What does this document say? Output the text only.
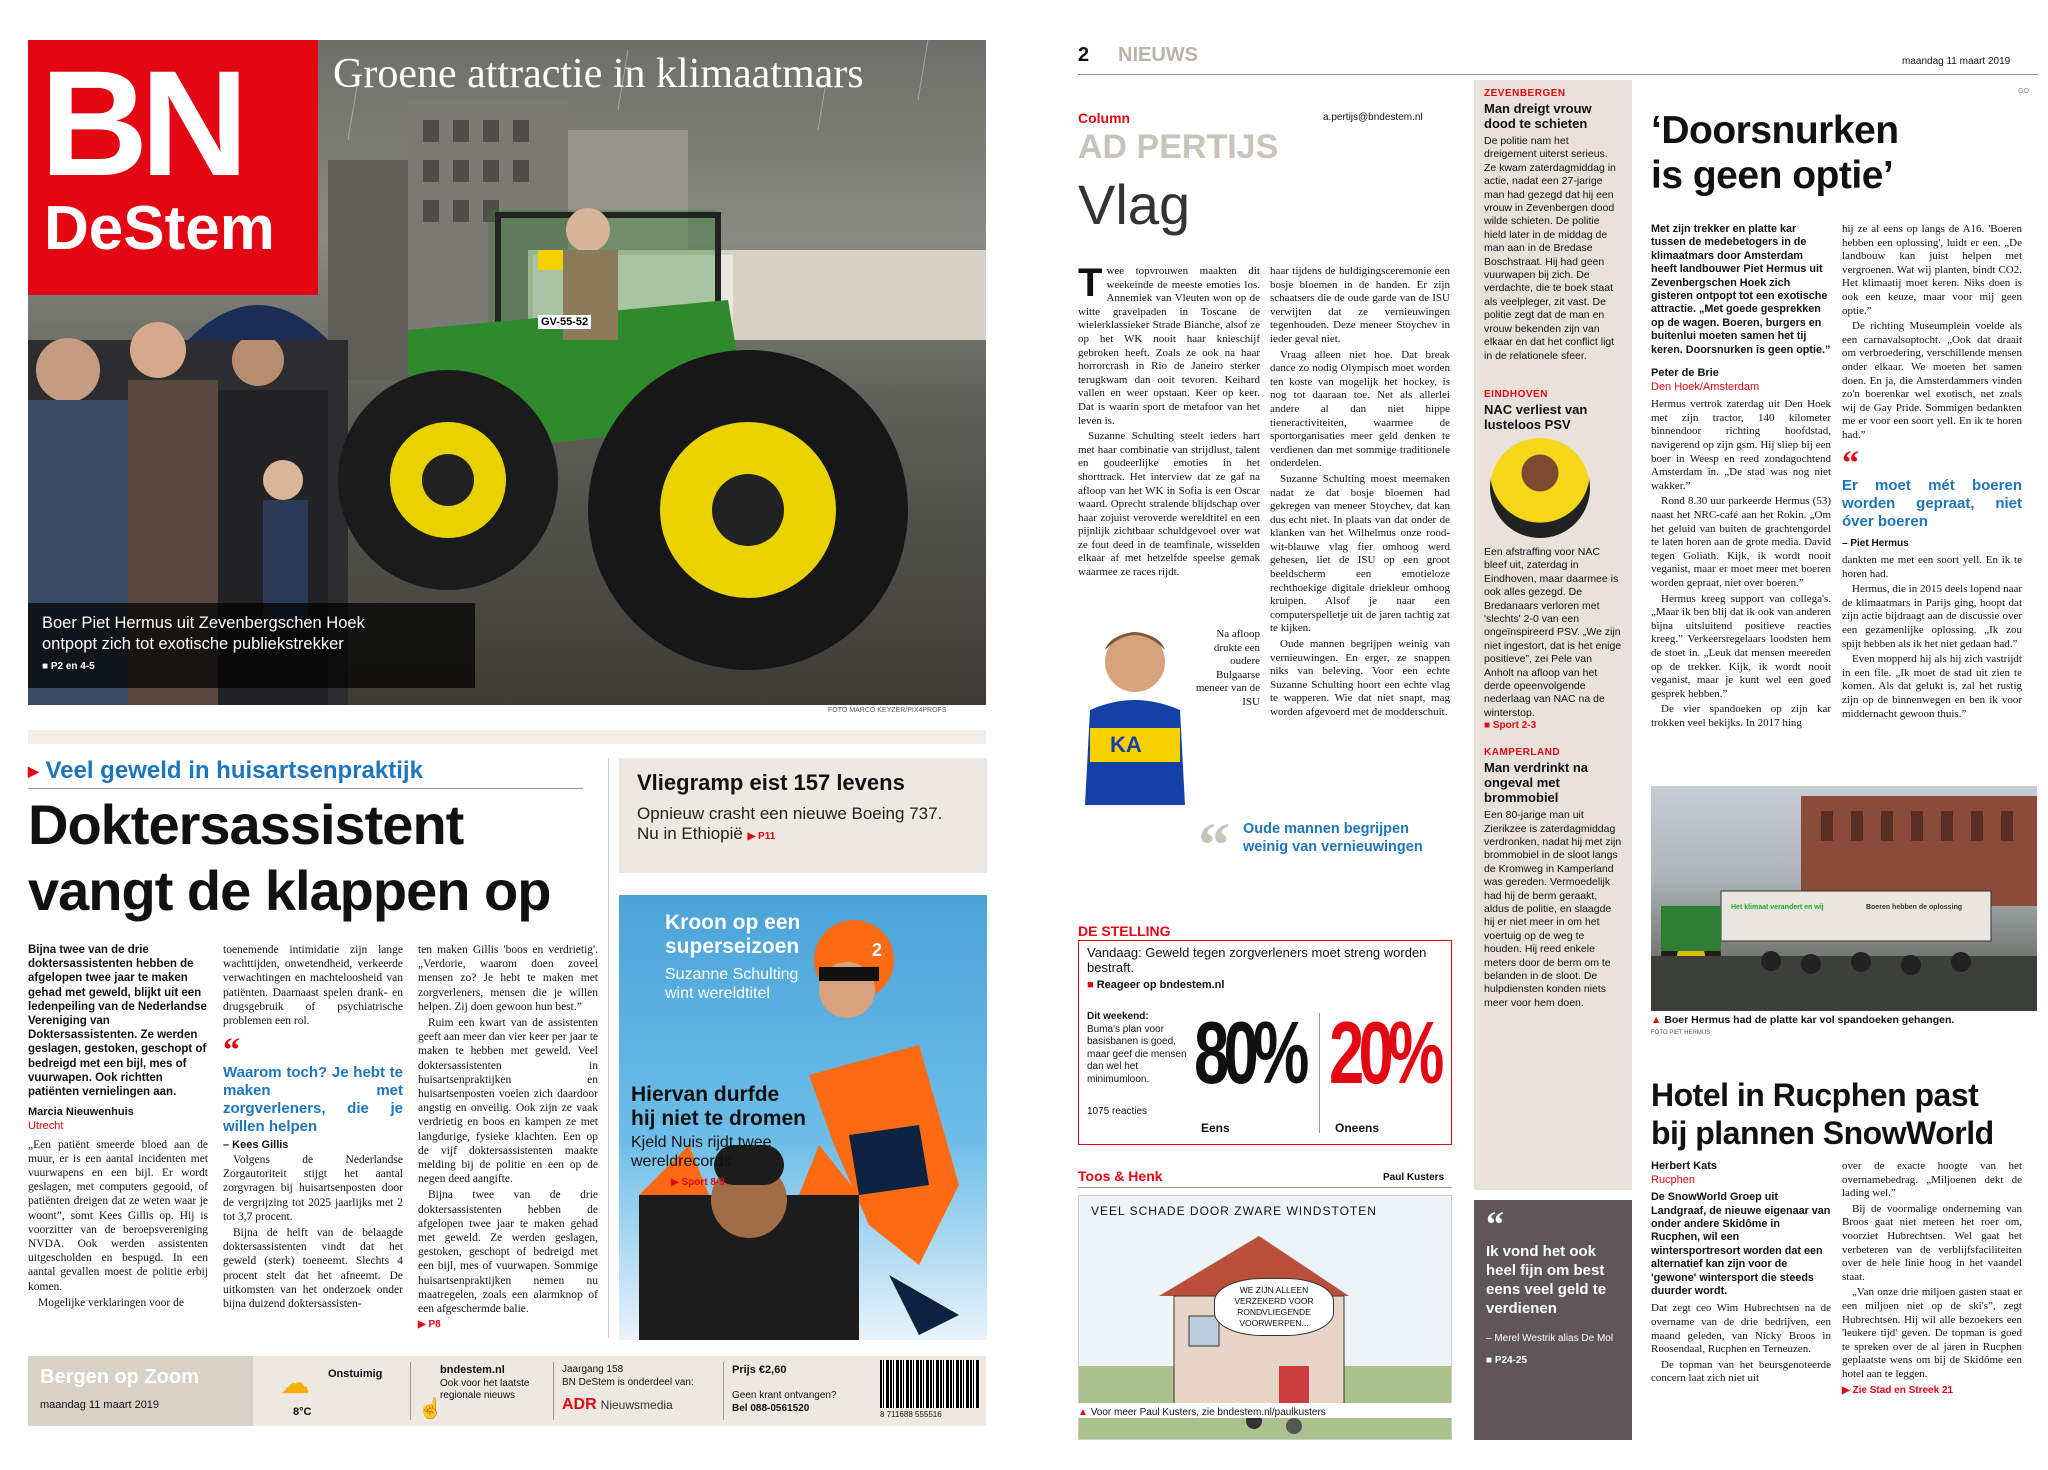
GV-55-52
BN
DeStem
Groene attractie in klimaatmars
Boer Piet Hermus uit Zevenbergschen Hoek
ontpopt zich tot exotische publiekstrekker
■ P2 en 4-5
FOTO MARCO KEYZER/PIX4PROFS
▶ Veel geweld in huisartsenpraktijk
Doktersassistent
vangt de klappen op

Bijna twee van de drie doktersassistenten hebben de afgelopen twee jaar te maken gehad met geweld, blijkt uit een ledenpeiling van de Nederlandse Vereniging van Doktersassistenten. Ze werden geslagen, gestoken, geschopt of bedreigd met een bijl, mes of vuurwapen. Ook richtten patiënten vernielingen aan.

Marcia Nieuwenhuis
Utrecht

„Een patiënt smeerde bloed aan de muur, er is een aantal incidenten met vuurwapens en een bijl. Er wordt geslagen, met computers gegooid, of patiënten dreigen dat ze weten waar je woont”, somt Kees Gillis op. Hij is voorzitter van de beroepsvereniging NVDA. Ook werden assistenten uitgescholden en bespugd. In een aantal gevallen moest de politie erbij komen.

Mogelijke verklaringen voor de

toenemende intimidatie zijn lange wachttijden, onwetendheid, verkeerde verwachtingen en machteloosheid van patiënten. Daarnaast spelen drank- en drugsgebruik of psychiatrische problemen een rol.

“
Waarom toch? Je hebt te maken met zorgverleners, die je willen helpen
– Kees Gillis

Volgens de Nederlandse Zorgautoriteit stijgt het aantal zorgvragen bij huisartsenposten door de vergrijzing tot 2025 jaarlijks met 2 tot 3,7 procent.

Bijna de helft van de belaagde doktersassistenten vindt dat het geweld (sterk) toeneemt. Slechts 4 procent stelt dat het afneemt. De uitkomsten van het onderzoek onder bijna duizend doktersassisten-

ten maken Gillis 'boos en verdrietig'. „Verdorie, waarom doen zoveel mensen zo? Je hebt te maken met zorgverleners, mensen die je willen helpen. Zij doen gewoon hun best.”

Ruim een kwart van de assistenten geeft aan meer dan vier keer per jaar te maken te hebben met geweld. Veel doktersassistenten in huisartsenpraktijken en huisartsenposten voelen zich daardoor angstig en onveilig. Ook zijn ze vaak verdrietig en boos en kampen ze met langdurige, fysieke klachten. Een op de vijf doktersassistenten maakte melding bij de politie en een op de negen deed aangifte.

Bijna twee van de drie doktersassistenten hebben de afgelopen twee jaar te maken gehad met geweld. Ze werden geslagen, gestoken, geschopt of bedreigd met een bijl, mes of vuurwapen. Sommige huisartsenpraktijken nemen nu maatregelen, zoals een alarmknop of een afgeschermde balie.

▶ P8
Vliegramp eist 157 levens
Opnieuw crasht een nieuwe Boeing 737.
Nu in Ethiopië ▶ P11
2
Kroon op een
superseizoen
Suzanne Schulting
wint wereldtitel
Hiervan durfde
hij niet te dromen
Kjeld Nuis rijdt twee
wereldrecords
▶ Sport 8-9
Bergen op Zoom
maandag 11 maart 2019
☁ Onstuimig
8°C	☝
bndestem.nl
Ook voor het laatste
regionale nieuws
Jaargang 158
BN DeStem is onderdeel van:
ADR Nieuwsmedia
Prijs €2,60
Geen krant ontvangen?
Bel 088-0561520
8 711688 555516
2 NIEUWS	maandag 11 maart 2019
GO
Column	a.pertijs@bndestem.nl
AD PERTIJS
Vlag

Twee topvrouwen maakten dit weekeinde de meeste emoties los. Annemiek van Vleuten won op de witte gravelpaden in Toscane de wielerklassieker Strade Bianche, alsof ze op het WK nooit haar knieschijf gebroken heeft. Zoals ze ook na haar horrorcrash in Rio de Janeiro sterker terugkwam dan ooit tevoren. Keihard vallen en weer opstaan. Keer op keer. Dat is waarin sport de metafoor van het leven is.

Suzanne Schulting steelt ieders hart met haar combinatie van strijdlust, talent en goudeerlijke emoties in het shorttrack. Het interview dat ze gaf na afloop van het WK in Sofia is een Oscar waard. Oprecht stralende blijdschap over haar zojuist veroverde wereldtitel en een pijnlijk zichtbaar schuldgevoel over wat ze fout deed in de teamfinale, wisselden elkaar af met hetzelfde speelse gemak waarmee ze races rijdt.

Na afloop drukte een oudere Bulgaarse meneer van de ISU

KA

haar tijdens de huldigingsceremonie een bosje bloemen in de handen. Er zijn schaatsers die de oude garde van de ISU verwijten dat ze vernieuwingen tegenhouden. Deze meneer Stoychev in ieder geval niet.

Vraag alleen niet hoe. Dat break dance zo nodig Olympisch moet worden ten koste van mogelijk het hockey, is nog tot daaraan toe. Net als allerlei andere al dan niet hippe tieneractiviteiten, waarmee de sportorganisaties meer geld denken te verdienen dan met sommige traditionele onderdelen.

Suzanne Schulting moest meemaken nadat ze dat bosje bloemen had gekregen van meneer Stoychev, dat kan dus echt niet. In plaats van dat onder de klanken van het Wilhelmus onze rood-wit-blauwe vlag fier omhoog werd gehesen, liet de ISU op een groot beeldscherm een emotieloze rechthoekige digitale driekleur omhoog kruipen. Alsof je naar een computerspelletje uit de jaren tachtig zat te kijken.

Oude mannen begrijpen weinig van vernieuwingen. En erger, ze snappen niks van beleving. Voor een echte Suzanne Schulting hoort een echte vlag te wapperen. Wie dat niet snapt, mag worden afgevoerd met de modderschuit.

“ Oude mannen begrijpen weinig van vernieuwingen
DE STELLING
Vandaag: Geweld tegen zorgverleners moet streng worden bestraft.
■ Reageer op bndestem.nl
Dit weekend:
Buma's plan voor basisbanen is goed, maar geef die mensen dan wel het minimumloon.
1075 reacties
80%
Eens
20%
Oneens
Toos & Henk	Paul Kusters
VEEL SCHADE DOOR ZWARE WINDSTOTEN
WE ZIJN ALLEEN VERZEKERD VOOR RONDVLIEGENDE VOORWERPEN...
▲ Voor meer Paul Kusters, zie bndestem.nl/paulkusters
ZEVENBERGEN
Man dreigt vrouw dood te schieten
De politie nam het dreigement uiterst serieus. Ze kwam zaterdagmiddag in actie, nadat een 27-jarige man had gezegd dat hij een vrouw in Zevenbergen dood wilde schieten. De politie hield later in de middag de man aan in de Bredase Boschstraat. Hij had geen vuurwapen bij zich. De verdachte, die te boek staat als veelpleger, zit vast. De politie zegt dat de man en vrouw bekenden zijn van elkaar en dat het conflict ligt in de relationele sfeer.
EINDHOVEN
NAC verliest van lusteloos PSV
Een afstraffing voor NAC bleef uit, zaterdag in Eindhoven, maar daarmee is ook alles gezegd. De Bredanaars verloren met 'slechts' 2-0 van een ongeïnspireerd PSV. „We zijn niet ingestort, dat is het enige positieve”, zei Pele van Anholt na afloop van het derde opeenvolgende nederlaag van NAC na de winterstop.
■ Sport 2-3
KAMPERLAND
Man verdrinkt na ongeval met brommobiel
Een 80-jarige man uit Zierikzee is zaterdagmiddag verdronken, nadat hij met zijn brommobiel in de sloot langs de Kromweg in Kamperland was gereden. Vermoedelijk had hij de berm geraakt, aldus de politie, en slaagde hij er niet meer in om het voertuig op de weg te houden. Hij reed enkele meters door de berm om te belanden in de sloot. De hulpdiensten konden niets meer voor hem doen.
“
Ik vond het ook heel fijn om best eens veel geld te verdienen
– Merel Westrik alias De Mol
■ P24-25
‘Doorsnurken
is geen optie’

Met zijn trekker en platte kar tussen de medebetogers in de klimaatmars door Amsterdam heeft landbouwer Piet Hermus uit Zevenbergschen Hoek zich gisteren ontpopt tot een exotische attractie. „Met goede gesprekken op de wagen. Boeren, burgers en buitenlui moeten samen het tij keren. Doorsnurken is geen optie.”

Peter de Brie
Den Hoek/Amsterdam

Hermus vertrok zaterdag uit Den Hoek met zijn tractor, 140 kilometer binnendoor richting hoofdstad, navigerend op zijn gsm. Hij sliep bij een boer in Weesp en reed zondagochtend Amsterdam in. „De stad was nog niet wakker.”

Rond 8.30 uur parkeerde Hermus (53) naast het NRC-café aan het Rokin. „Om het geluid van buiten de grachtengordel te laten horen aan de grote media. David tegen Goliath. Kijk, ik wordt nooit veganist, maar er moet meer met boeren worden gepraat, niet over boeren.”

Hermus kreeg support van collega's. „Maar ik ben blij dat ik ook van anderen bijna uitsluitend positieve reacties kreeg.” Verkeersregelaars loodsten hem de stoet in. „Leuk dat mensen meereden op de trekker. Kijk, ik wordt nooit veganist, maar je kunt wel een goed gesprek hebben.”

De vier spandoeken op zijn kar trokken veel bekijks. In 2017 hing

hij ze al eens op langs de A16. 'Boeren hebben een oplossing', luidt er een. „De landbouw kan juist helpen met vergroenen. Wat wij planten, bindt CO2. Het klimaatij moet keren. Niks doen is ook een keuze, maar voor mij geen optie.”

De richting Museumplein voelde als een carnavalsoptocht. „Ook dat draait om verbroedering, verschillende mensen onder elkaar. We moeten het samen doen. En ja, die Amsterdammers vinden zo'n boerenkar wel exotisch, net zoals wij de Gay Pride. Sommigen bedankten me er voor een soort yell. En ik te horen had.”

“
Er moet mét boeren worden gepraat, niet óver boeren
– Piet Hermus

dankten me met een soort yell. En ik te horen had.

Hermus, die in 2015 deels lopend naar de klimaatmars in Parijs ging, hoopt dat zijn actie bijdraagt aan de discussie over een gezamenlijke oplossing. „Ik zou spijt hebben als ik het niet gedaan had.”

Even mopperd hij als hij zich vastrijdt in een file. „Ik moet de stad uit zien te komen. Als dat gelukt is, zal het rustig zijn op de binnenwegen en ben ik voor middernacht gewoon thuis.”

Het klimaat verandert en wij	Boeren hebben de oplossing
▲ Boer Hermus had de platte kar vol spandoeken gehangen.
FOTO PIET HERMUS
Hotel in Rucphen past
bij plannen SnowWorld
Herbert Kats
Rucphen

De SnowWorld Groep uit Landgraaf, de nieuwe eigenaar van onder andere Skidôme in Rucphen, wil een wintersportresort worden dat een alternatief kan zijn voor de 'gewone' wintersport die steeds duurder wordt.

Dat zegt ceo Wim Hubrechtsen na de overname van de drie bedrijven, een maand geleden, van Nicky Broos in Roosendaal, Rucphen en Terneuzen.

De topman van het beursgenoteerde concern laat zich niet uit

over de exacte hoogte van het overnamebedrag. „Miljoenen dekt de lading wel.”

Bij de voormalige onderneming van Broos gaat niet meteen het roer om, voorziet Hubrechtsen. Wel gaat het verbeteren van de verblijfsfaciliteiten over de hele linie hoog in het vaandel staat.

„Van onze drie miljoen gasten staat er een miljoen niet op de ski's”, zegt Hubrechtsen. Hij wil alle bezoekers een 'leukere tijd' geven. De topman is goed te spreken over de al jaren in Rucphen geplaatste wens om bij de Skidôme een hotel aan te leggen.

▶ Zie Stad en Streek 21
